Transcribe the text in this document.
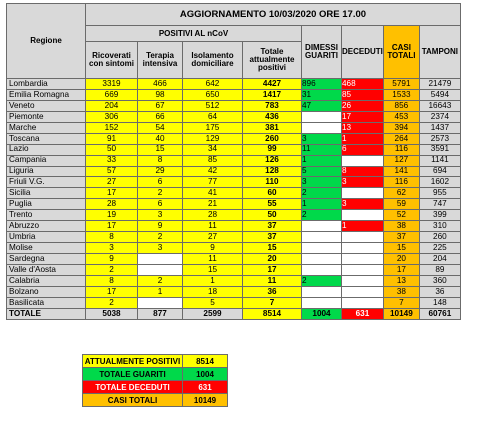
Regione	AGGIORNAMENTO 10/03/2020 ORE 17.00							
	POSITIVI AL nCoV				DIMESSI GUARITI	DECEDUTI	CASI TOTALI	TAMPONI
	Ricoverati con sintomi	Terapia intensiva	Isolamento domiciliare	Totale attualmente positivi				
Lombardia	3319	466	642	4427	896	468	5791	21479
Emilia Romagna	669	98	650	1417	31	85	1533	5494
Veneto	204	67	512	783	47	26	856	16643
Piemonte	306	66	64	436		17	453	2374
Marche	152	54	175	381		13	394	1437
Toscana	91	40	129	260	3	1	264	2573
Lazio	50	15	34	99	11	6	116	3591
Campania	33	8	85	126	1		127	1141
Liguria	57	29	42	128	5	8	141	694
Friuli V.G.	27	6	77	110	3	3	116	1602
Sicilia	17	2	41	60	2		62	955
Puglia	28	6	21	55	1	3	59	747
Trento	19	3	28	50	2		52	399
Abruzzo	17	9	11	37		1	38	310
Umbria	8	2	27	37			37	260
Molise	3	3	9	15			15	225
Sardegna	9		11	20			20	204
Valle d'Aosta	2		15	17			17	89
Calabria	8	2	1	11	2		13	360
Bolzano	17	1	18	36			38	36
Basilicata	2		5	7			7	148
TOTALE	5038	877	2599	8514	1004	631	10149	60761
ATTUALMENTE POSITIVI	8514
TOTALE GUARITI	1004
TOTALE DECEDUTI	631
CASI TOTALI	10149
